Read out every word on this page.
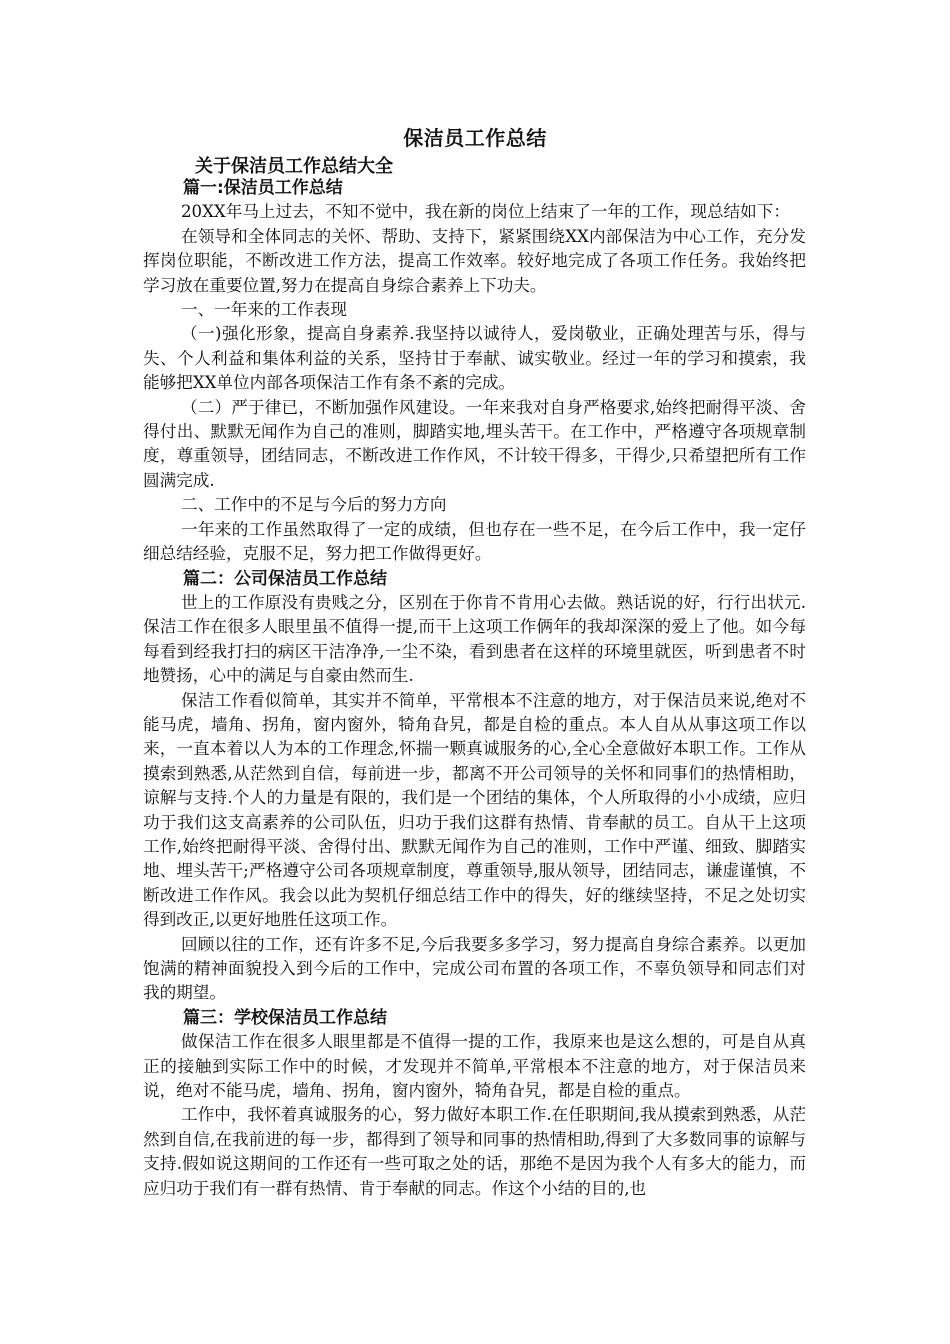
保洁员工作总结
关于保洁员工作总结大全
篇一:保洁员工作总结

20XX年马上过去，不知不觉中，我在新的岗位上结束了一年的工作，现总结如下：

在领导和全体同志的关怀、帮助、支持下，紧紧围绕XX内部保洁为中心工作，充分发挥岗位职能，不断改进工作方法，提高工作效率。较好地完成了各项工作任务。我始终把学习放在重要位置,努力在提高自身综合素养上下功夫。

一、一年来的工作表现

（一)强化形象，提高自身素养.我坚持以诚待人，爱岗敬业，正确处理苦与乐，得与失、个人利益和集体利益的关系，坚持甘于奉献、诚实敬业。经过一年的学习和摸索，我能够把XX单位内部各项保洁工作有条不紊的完成。

（二）严于律已，不断加强作风建设。一年来我对自身严格要求,始终把耐得平淡、舍得付出、默默无闻作为自己的准则，脚踏实地,埋头苦干。在工作中，严格遵守各项规章制度，尊重领导，团结同志，不断改进工作作风，不计较干得多，干得少,只希望把所有工作圆满完成.

二、工作中的不足与今后的努力方向

一年来的工作虽然取得了一定的成绩，但也存在一些不足，在今后工作中，我一定仔细总结经验，克服不足，努力把工作做得更好。

篇二：公司保洁员工作总结

世上的工作原没有贵贱之分，区别在于你肯不肯用心去做。熟话说的好，行行出状元.保洁工作在很多人眼里虽不值得一提,而干上这项工作俩年的我却深深的爱上了他。如今每每看到经我打扫的病区干洁净净,一尘不染，看到患者在这样的环境里就医，听到患者不时地赞扬，心中的满足与自豪由然而生.

保洁工作看似简单，其实并不简单，平常根本不注意的地方，对于保洁员来说,绝对不能马虎，墙角、拐角，窗内窗外，犄角旮旯，都是自检的重点。本人自从从事这项工作以来，一直本着以人为本的工作理念,怀揣一颗真诚服务的心,全心全意做好本职工作。工作从摸索到熟悉,从茫然到自信，每前进一步，都离不开公司领导的关怀和同事们的热情相助，谅解与支持.个人的力量是有限的，我们是一个团结的集体，个人所取得的小小成绩，应归功于我们这支高素养的公司队伍，归功于我们这群有热情、肯奉献的员工。自从干上这项工作,始终把耐得平淡、舍得付出、默默无闻作为自己的准则，工作中严谨、细致、脚踏实地、埋头苦干;严格遵守公司各项规章制度，尊重领导,服从领导，团结同志，谦虚谨慎，不断改进工作作风。我会以此为契机仔细总结工作中的得失，好的继续坚持，不足之处切实得到改正,以更好地胜任这项工作。

回顾以往的工作，还有许多不足,今后我要多多学习，努力提高自身综合素养。以更加饱满的精神面貌投入到今后的工作中，完成公司布置的各项工作，不辜负领导和同志们对我的期望。

篇三：学校保洁员工作总结

做保洁工作在很多人眼里都是不值得一提的工作，我原来也是这么想的，可是自从真正的接触到实际工作中的时候，才发现并不简单,平常根本不注意的地方，对于保洁员来说，绝对不能马虎，墙角、拐角，窗内窗外，犄角旮旯，都是自检的重点。

工作中，我怀着真诚服务的心，努力做好本职工作.在任职期间,我从摸索到熟悉，从茫然到自信,在我前进的每一步，都得到了领导和同事的热情相助,得到了大多数同事的谅解与支持.假如说这期间的工作还有一些可取之处的话，那绝不是因为我个人有多大的能力，而应归功于我们有一群有热情、肯于奉献的同志。作这个小结的目的,也
